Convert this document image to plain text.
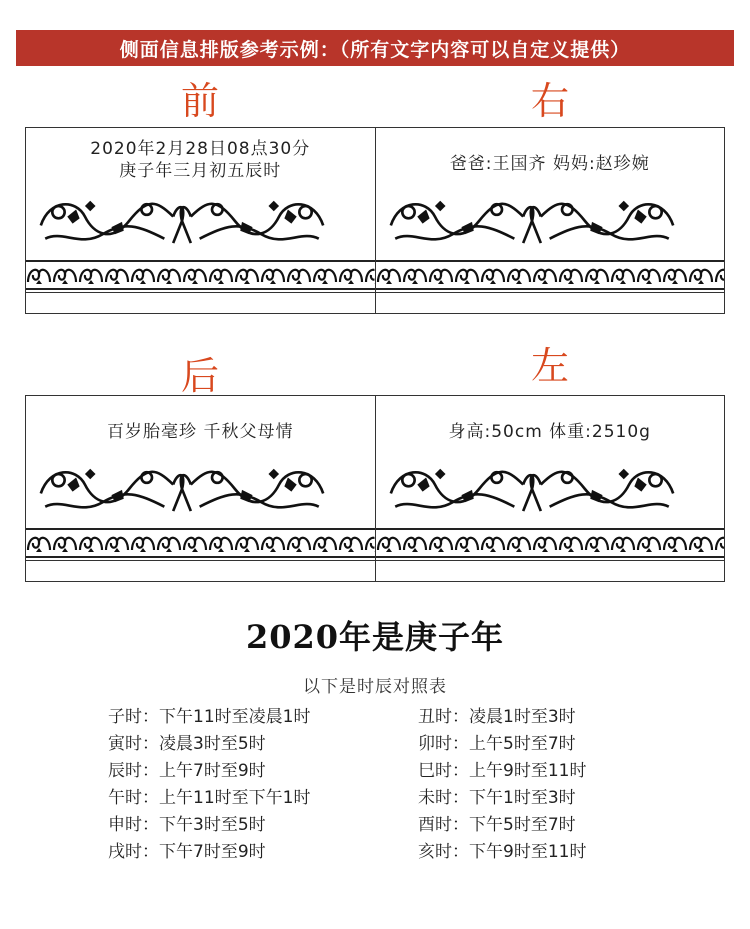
侧面信息排版参考示例：（所有文字内容可以自定义提供）
前	右
2020年2月28日08点30分
庚子年三月初五辰时	爸爸:王国齐 妈妈:赵珍婉
后	左
百岁胎毫珍 千秋父母情	身高:50cm 体重:2510g
2020年是庚子年
以下是时辰对照表
子时：下午11时至凌晨1时	丑时：凌晨1时至3时
寅时：凌晨3时至5时	卯时：上午5时至7时
辰时：上午7时至9时	巳时：上午9时至11时
午时：上午11时至下午1时	未时：下午1时至3时
申时：下午3时至5时	酉时：下午5时至7时
戌时：下午7时至9时	亥时：下午9时至11时
